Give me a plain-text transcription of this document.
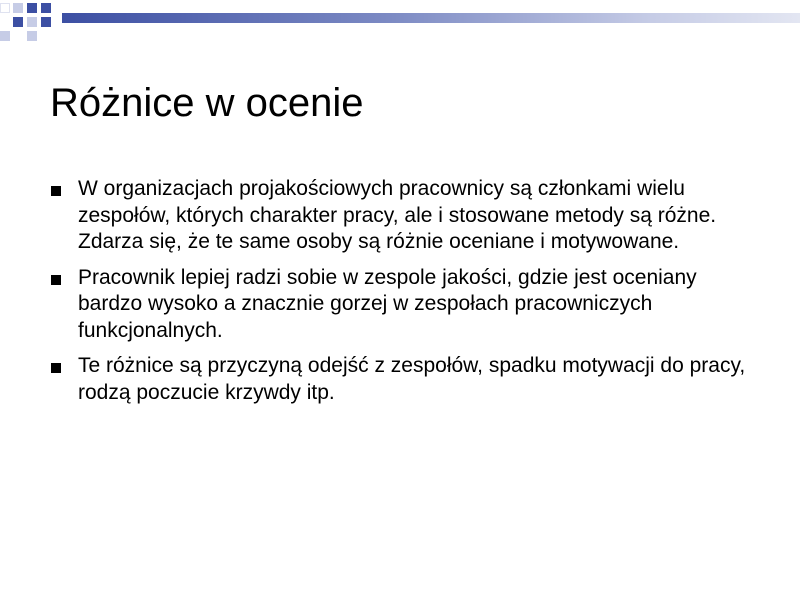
Różnice w ocenie
W organizacjach projakościowych pracownicy są członkami wielu zespołów, których charakter pracy, ale i stosowane metody są różne. Zdarza się, że te same osoby są różnie oceniane i motywowane.
Pracownik lepiej radzi sobie w zespole jakości, gdzie jest oceniany bardzo wysoko a znacznie gorzej w zespołach pracowniczych funkcjonalnych.
Te różnice są przyczyną odejść z zespołów, spadku motywacji do pracy, rodzą poczucie krzywdy itp.
